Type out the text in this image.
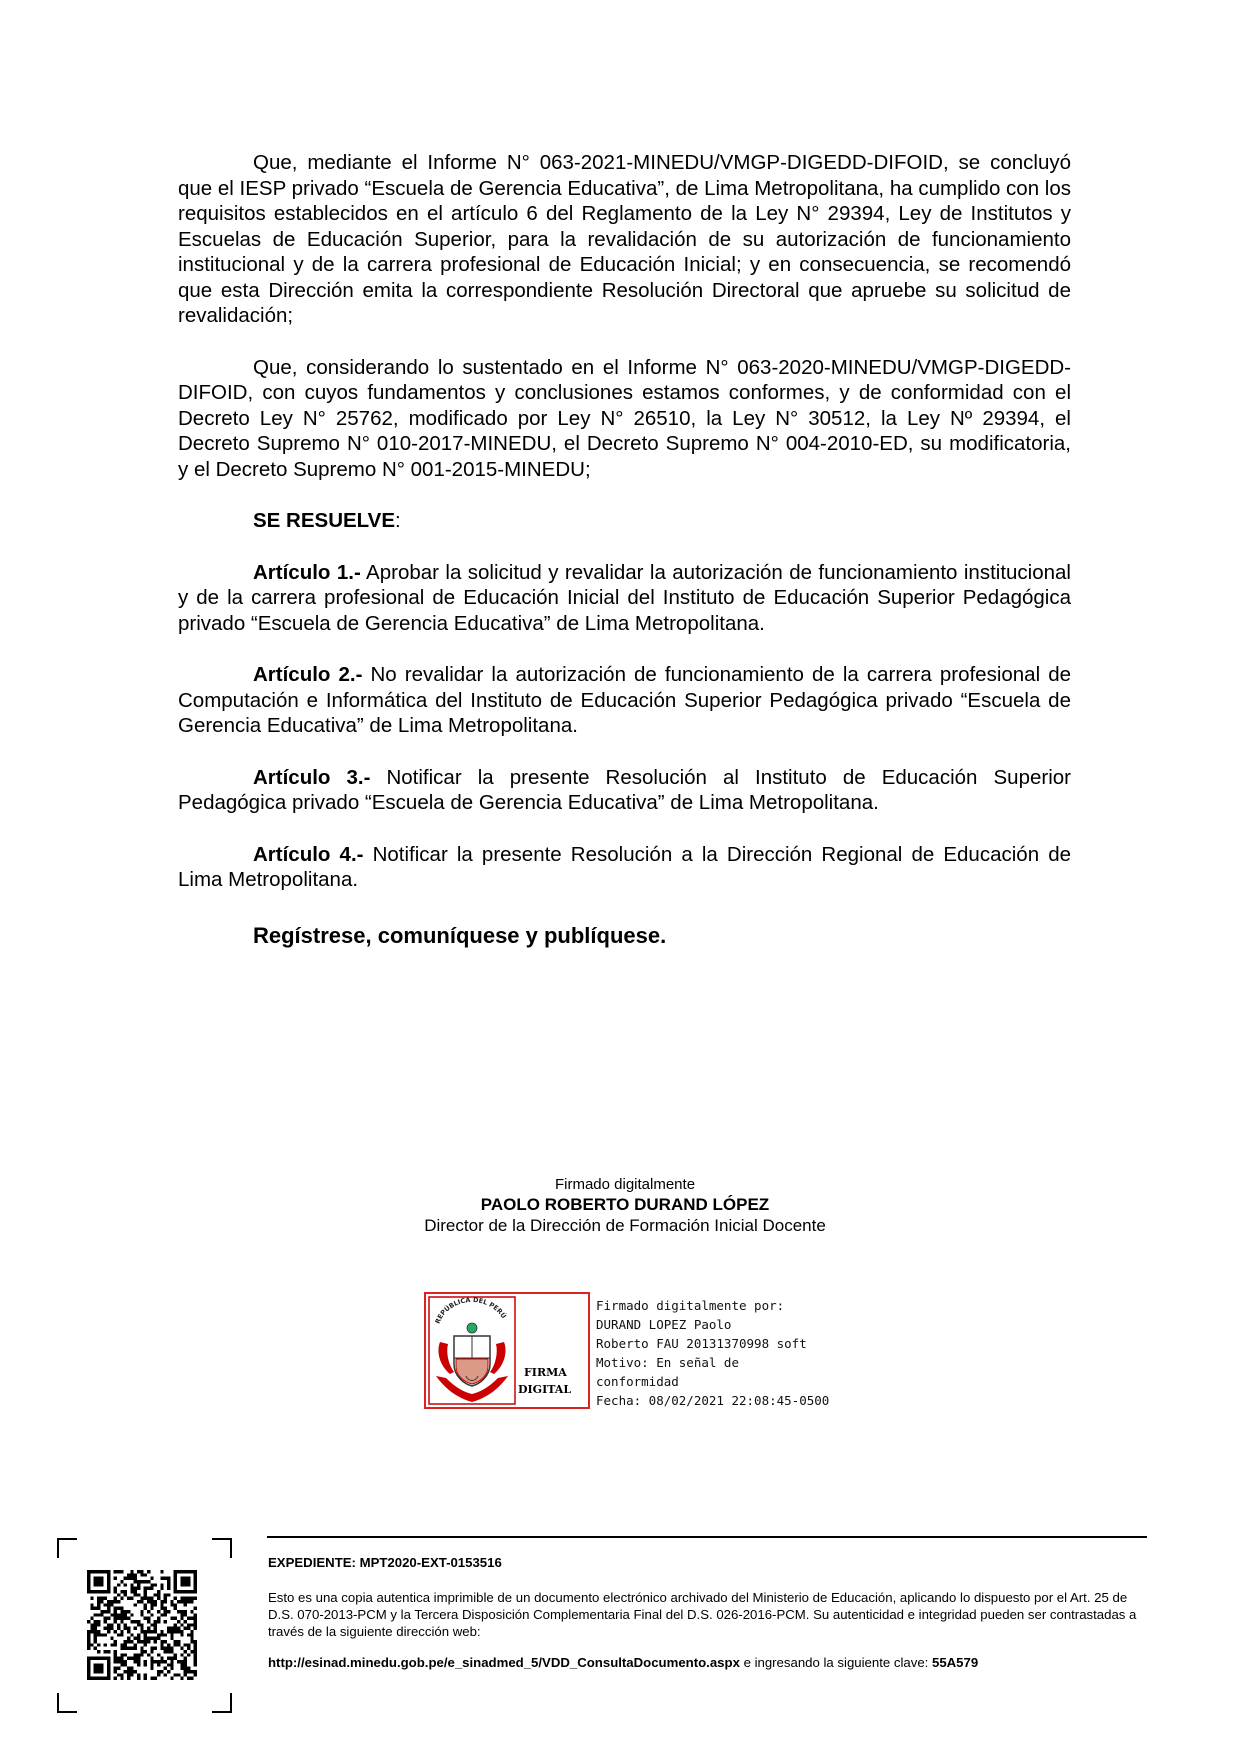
Que, mediante el Informe N° 063-2021-MINEDU/VMGP-DIGEDD-DIFOID, se concluyó que el IESP privado “Escuela de Gerencia Educativa”, de Lima Metropolitana, ha cumplido con los requisitos establecidos en el artículo 6 del Reglamento de la Ley N° 29394, Ley de Institutos y Escuelas de Educación Superior, para la revalidación de su autorización de funcionamiento institucional y de la carrera profesional de Educación Inicial; y en consecuencia, se recomendó que esta Dirección emita la correspondiente Resolución Directoral que apruebe su solicitud de revalidación;

Que, considerando lo sustentado en el Informe N° 063-2020-MINEDU/VMGP-DIGEDD-DIFOID, con cuyos fundamentos y conclusiones estamos conformes, y de conformidad con el Decreto Ley N° 25762, modificado por Ley N° 26510, la Ley N° 30512, la Ley Nº 29394, el Decreto Supremo N° 010-2017-MINEDU, el Decreto Supremo N° 004-2010-ED, su modificatoria, y el Decreto Supremo N° 001-2015-MINEDU;

SE RESUELVE:

Artículo 1.- Aprobar la solicitud y revalidar la autorización de funcionamiento institucional y de la carrera profesional de Educación Inicial del Instituto de Educación Superior Pedagógica privado “Escuela de Gerencia Educativa” de Lima Metropolitana.

Artículo 2.- No revalidar la autorización de funcionamiento de la carrera profesional de Computación e Informática del Instituto de Educación Superior Pedagógica privado “Escuela de Gerencia Educativa” de Lima Metropolitana.

Artículo 3.- Notificar la presente Resolución al Instituto de Educación Superior Pedagógica privado “Escuela de Gerencia Educativa” de Lima Metropolitana.

Artículo 4.- Notificar la presente Resolución a la Dirección Regional de Educación de Lima Metropolitana.

Regístrese, comuníquese y publíquese.

Firmado digitalmente
PAOLO ROBERTO DURAND LÓPEZ
Director de la Dirección de Formación Inicial Docente
REPÚBLICA DEL PERÚ
FIRMA
DIGITAL
Firmado digitalmente por:
DURAND LOPEZ Paolo
Roberto FAU 20131370998 soft
Motivo: En señal de
conformidad
Fecha: 08/02/2021 22:08:45-0500
EXPEDIENTE: MPT2020-EXT-0153516
Esto es una copia autentica imprimible de un documento electrónico archivado del Ministerio de Educación, aplicando lo dispuesto por el Art. 25 de D.S. 070-2013-PCM y la Tercera Disposición Complementaria Final del D.S. 026-2016-PCM. Su autenticidad e integridad pueden ser contrastadas a través de la siguiente dirección web:
http://esinad.minedu.gob.pe/e_sinadmed_5/VDD_ConsultaDocumento.aspx e ingresando la siguiente clave: 55A579
